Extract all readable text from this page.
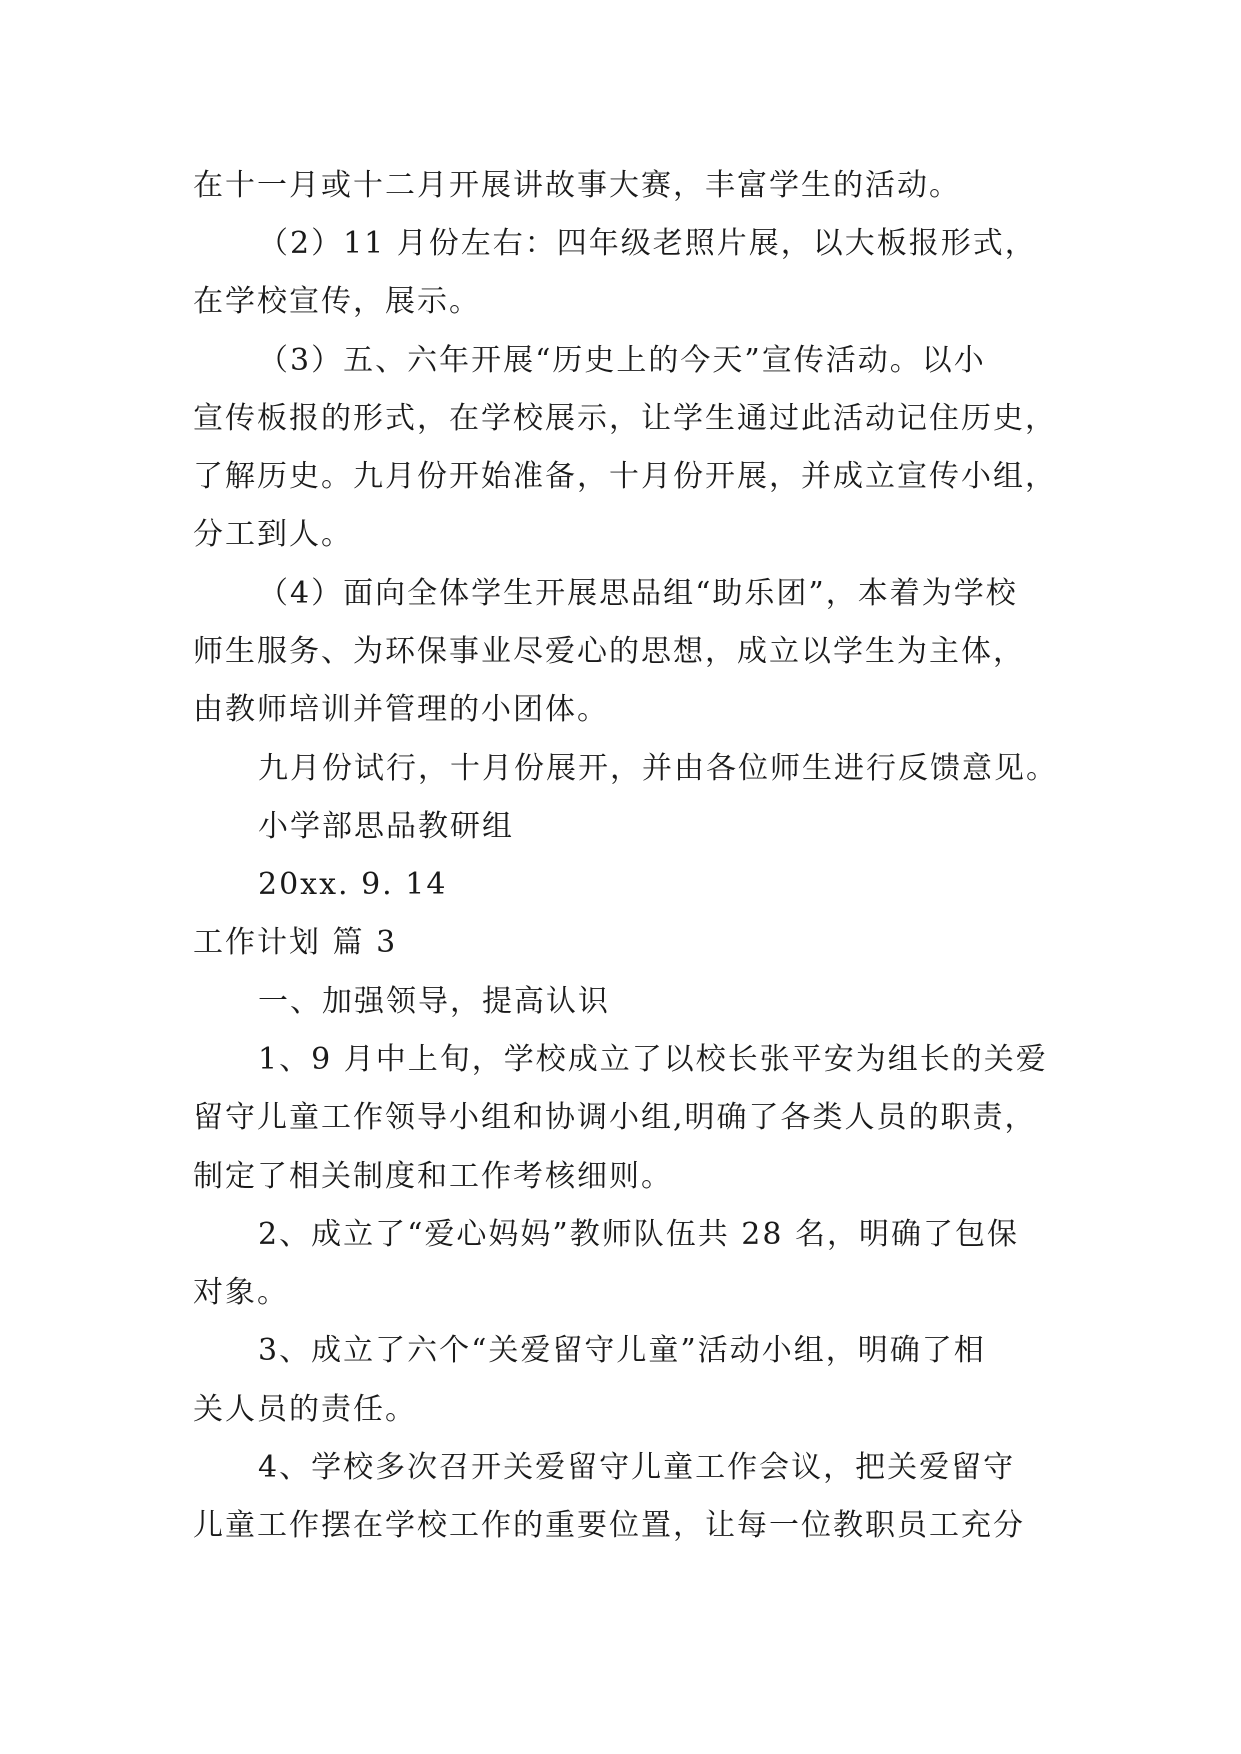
在十一月或十二月开展讲故事大赛，丰富学生的活动。
（2）11 月份左右：四年级老照片展，以大板报形式，
在学校宣传，展示。
（3）五、六年开展“历史上的今天”宣传活动。以小
宣传板报的形式，在学校展示，让学生通过此活动记住历史，
了解历史。九月份开始准备，十月份开展，并成立宣传小组，
分工到人。
（4）面向全体学生开展思品组“助乐团”，本着为学校
师生服务、为环保事业尽爱心的思想，成立以学生为主体，
由教师培训并管理的小团体。
九月份试行，十月份展开，并由各位师生进行反馈意见。
小学部思品教研组
20xx. 9. 14
工作计划 篇 3
一、加强领导，提高认识
1、9 月中上旬，学校成立了以校长张平安为组长的关爱
留守儿童工作领导小组和协调小组,明确了各类人员的职责，
制定了相关制度和工作考核细则。
2、成立了“爱心妈妈”教师队伍共 28 名，明确了包保
对象。
3、成立了六个“关爱留守儿童”活动小组，明确了相
关人员的责任。
4、学校多次召开关爱留守儿童工作会议，把关爱留守
儿童工作摆在学校工作的重要位置，让每一位教职员工充分
